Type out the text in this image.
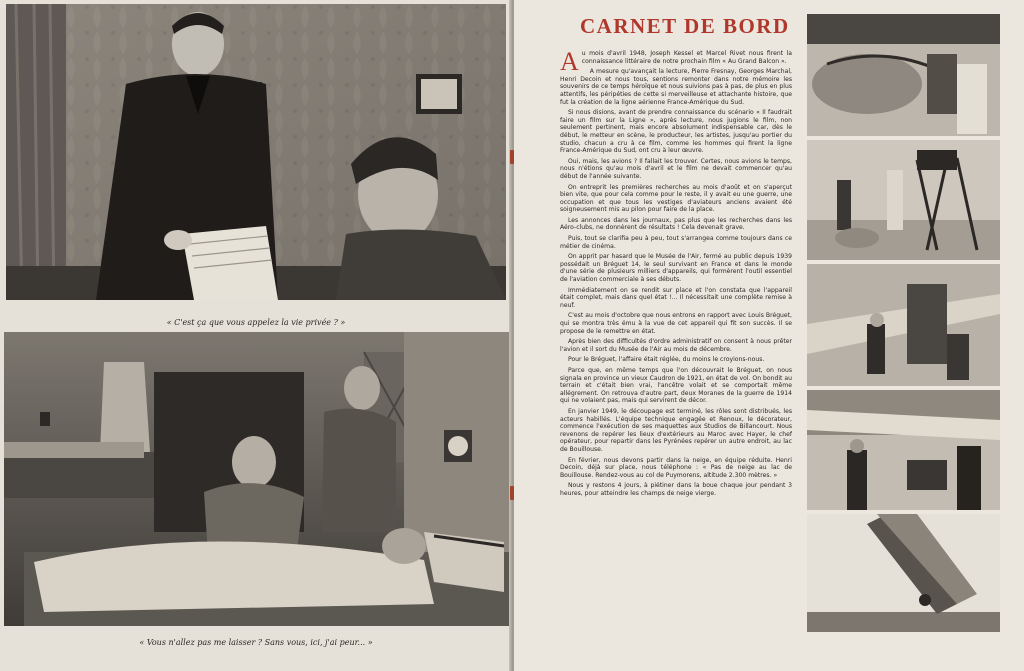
« C'est ça que vous appelez la vie privée ? »
« Vous n'allez pas me laisser ? Sans vous, ici, j'ai peur... »
CARNET DE BORD

Au mois d'avril 1948, Joseph Kessel et Marcel Rivet nous firent la connaissance littéraire de notre prochain film « Au Grand Balcon ».

A mesure qu'avançait la lecture, Pierre Fresnay, Georges Marchal, Henri Decoin et nous tous, sentions remonter dans notre mémoire les souvenirs de ce temps héroïque et nous suivions pas à pas, de plus en plus attentifs, les péripéties de cette si merveilleuse et attachante histoire, que fut la création de la ligne aérienne France-Amérique du Sud.

Si nous disions, avant de prendre connaissance du scénario « Il faudrait faire un film sur la Ligne », après lecture, nous jugions le film, non seulement pertinent, mais encore absolument indispensable car, dès le début, le metteur en scène, le producteur, les artistes, jusqu'au portier du studio, chacun a cru à ce film, comme les hommes qui firent la ligne France-Amérique du Sud, ont cru à leur œuvre.

Oui, mais, les avions ? Il fallait les trouver. Certes, nous avions le temps, nous n'étions qu'au mois d'avril et le film ne devait commencer qu'au début de l'année suivante.

On entreprit les premières recherches au mois d'août et on s'aperçut bien vite, que pour cela comme pour le reste, il y avait eu une guerre, une occupation et que tous les vestiges d'aviateurs anciens avaient été soigneusement mis au pilon pour faire de la place.

Les annonces dans les journaux, pas plus que les recherches dans les Aéro-clubs, ne donnèrent de résultats ! Cela devenait grave.

Puis, tout se clarifia peu à peu, tout s'arrangea comme toujours dans ce métier de cinéma.

On apprit par hasard que le Musée de l'Air, fermé au public depuis 1939 possédait un Bréguet 14, le seul survivant en France et dans le monde d'une série de plusieurs milliers d'appareils, qui formèrent l'outil essentiel de l'aviation commerciale à ses débuts.

Immédiatement on se rendit sur place et l'on constata que l'appareil était complet, mais dans quel état !... Il nécessitait une complète remise à neuf.

C'est au mois d'octobre que nous entrons en rapport avec Louis Bréguet, qui se montra très ému à la vue de cet appareil qui fit son succès. Il se propose de le remettre en état.

Après bien des difficultés d'ordre administratif on consent à nous prêter l'avion et il sort du Musée de l'Air au mois de décembre.

Pour le Bréguet, l'affaire était réglée, du moins le croyions-nous.

Parce que, en même temps que l'on découvrait le Bréguet, on nous signala en province un vieux Caudron de 1921, en état de vol. On bondit au terrain et c'était bien vrai, l'ancêtre volait et se comportait même allégrement. On retrouva d'autre part, deux Moranes de la guerre de 1914 qui ne volaient pas, mais qui servirent de décor.

En janvier 1949, le découpage est terminé, les rôles sont distribués, les acteurs habillés. L'équipe technique engagée et Renoux, le décorateur, commence l'exécution de ses maquettes aux Studios de Billancourt. Nous revenons de repérer les lieux d'extérieurs au Maroc avec Hayer, le chef opérateur, pour repartir dans les Pyrénées repérer un autre endroit, au lac de Bouillouse.

En février, nous devons partir dans la neige, en équipe réduite. Henri Decoin, déjà sur place, nous téléphone : « Pas de neige au lac de Bouillouse. Rendez-vous au col de Puymorens, altitude 2.300 mètres. »

Nous y restons 4 jours, à piétiner dans la boue chaque jour pendant 3 heures, pour atteindre les champs de neige vierge.
